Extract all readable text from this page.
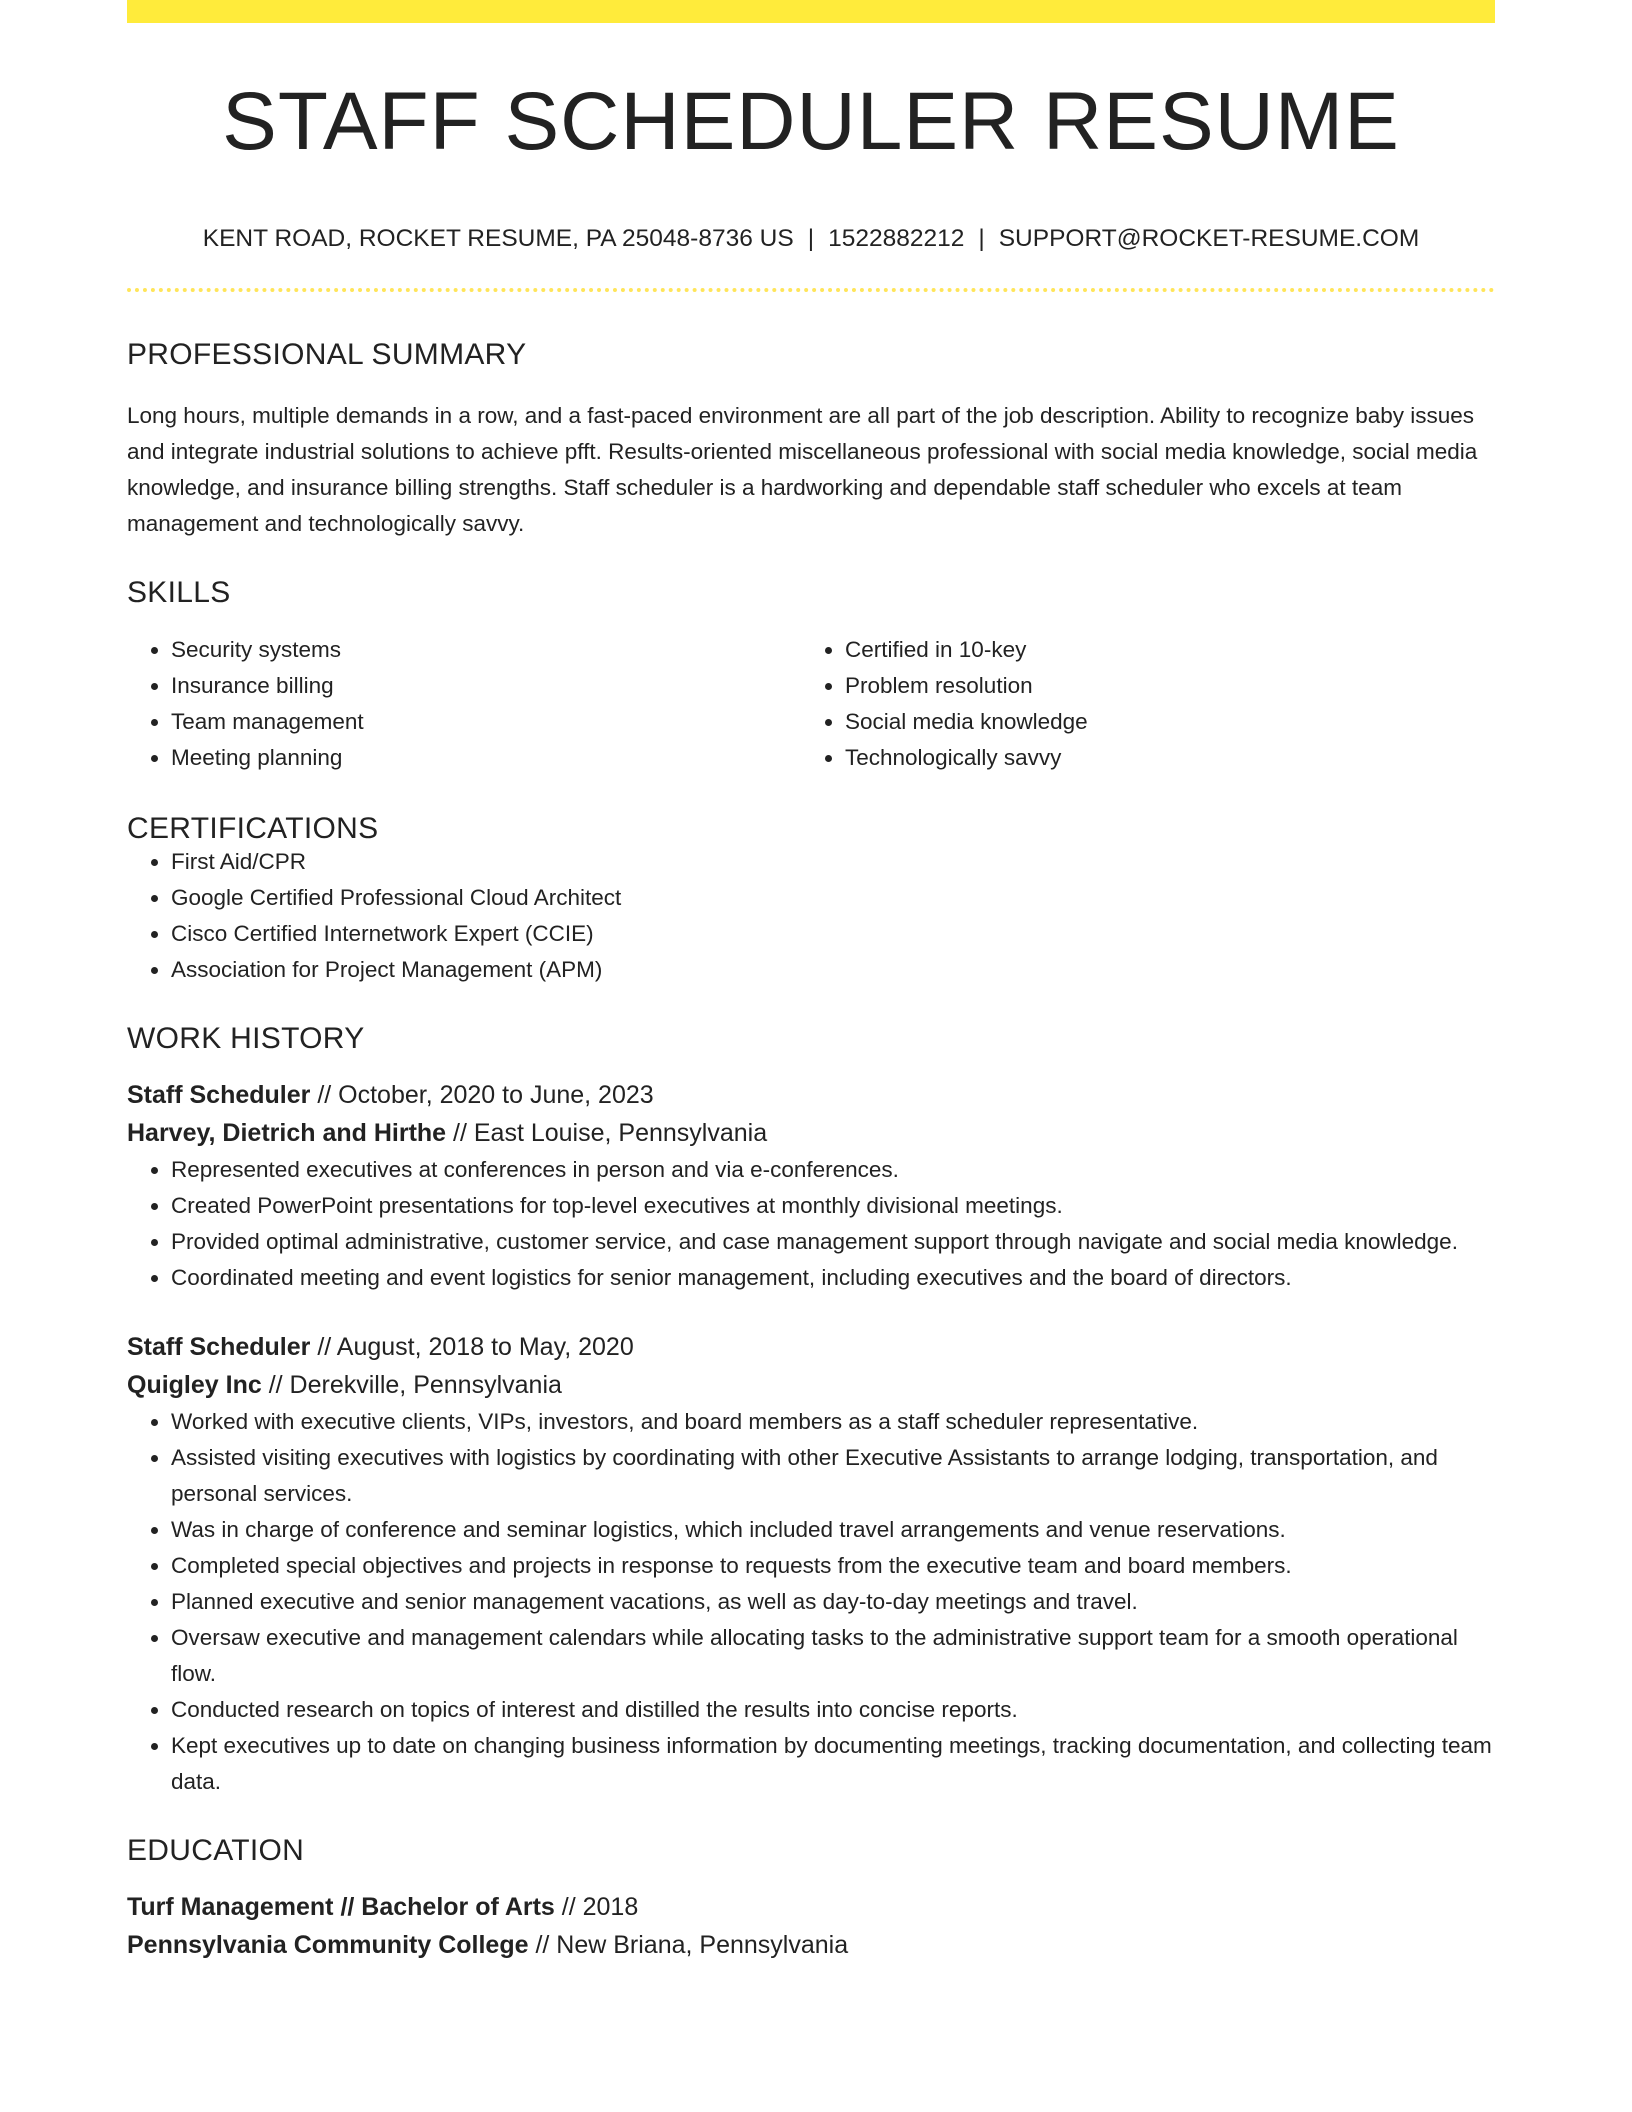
STAFF SCHEDULER RESUME
KENT ROAD, ROCKET RESUME, PA 25048-8736 US | 1522882212 | SUPPORT@ROCKET-RESUME.COM
PROFESSIONAL SUMMARY

Long hours, multiple demands in a row, and a fast-paced environment are all part of the job description. Ability to recognize baby issues and integrate industrial solutions to achieve pfft. Results-oriented miscellaneous professional with social media knowledge, social media knowledge, and insurance billing strengths. Staff scheduler is a hardworking and dependable staff scheduler who excels at team management and technologically savvy.

SKILLS
• Security systems
• Insurance billing
• Team management
• Meeting planning
• Certified in 10-key
• Problem resolution
• Social media knowledge
• Technologically savvy
CERTIFICATIONS
• First Aid/CPR
• Google Certified Professional Cloud Architect
• Cisco Certified Internetwork Expert (CCIE)
• Association for Project Management (APM)
WORK HISTORY
Staff Scheduler // October, 2020 to June, 2023
Harvey, Dietrich and Hirthe // East Louise, Pennsylvania
• Represented executives at conferences in person and via e-conferences.
• Created PowerPoint presentations for top-level executives at monthly divisional meetings.
• Provided optimal administrative, customer service, and case management support through navigate and social media knowledge.
• Coordinated meeting and event logistics for senior management, including executives and the board of directors.
Staff Scheduler // August, 2018 to May, 2020
Quigley Inc // Derekville, Pennsylvania
• Worked with executive clients, VIPs, investors, and board members as a staff scheduler representative.
• Assisted visiting executives with logistics by coordinating with other Executive Assistants to arrange lodging, transportation, and personal services.
• Was in charge of conference and seminar logistics, which included travel arrangements and venue reservations.
• Completed special objectives and projects in response to requests from the executive team and board members.
• Planned executive and senior management vacations, as well as day-to-day meetings and travel.
• Oversaw executive and management calendars while allocating tasks to the administrative support team for a smooth operational flow.
• Conducted research on topics of interest and distilled the results into concise reports.
• Kept executives up to date on changing business information by documenting meetings, tracking documentation, and collecting team data.
EDUCATION
Turf Management // Bachelor of Arts // 2018
Pennsylvania Community College // New Briana, Pennsylvania
